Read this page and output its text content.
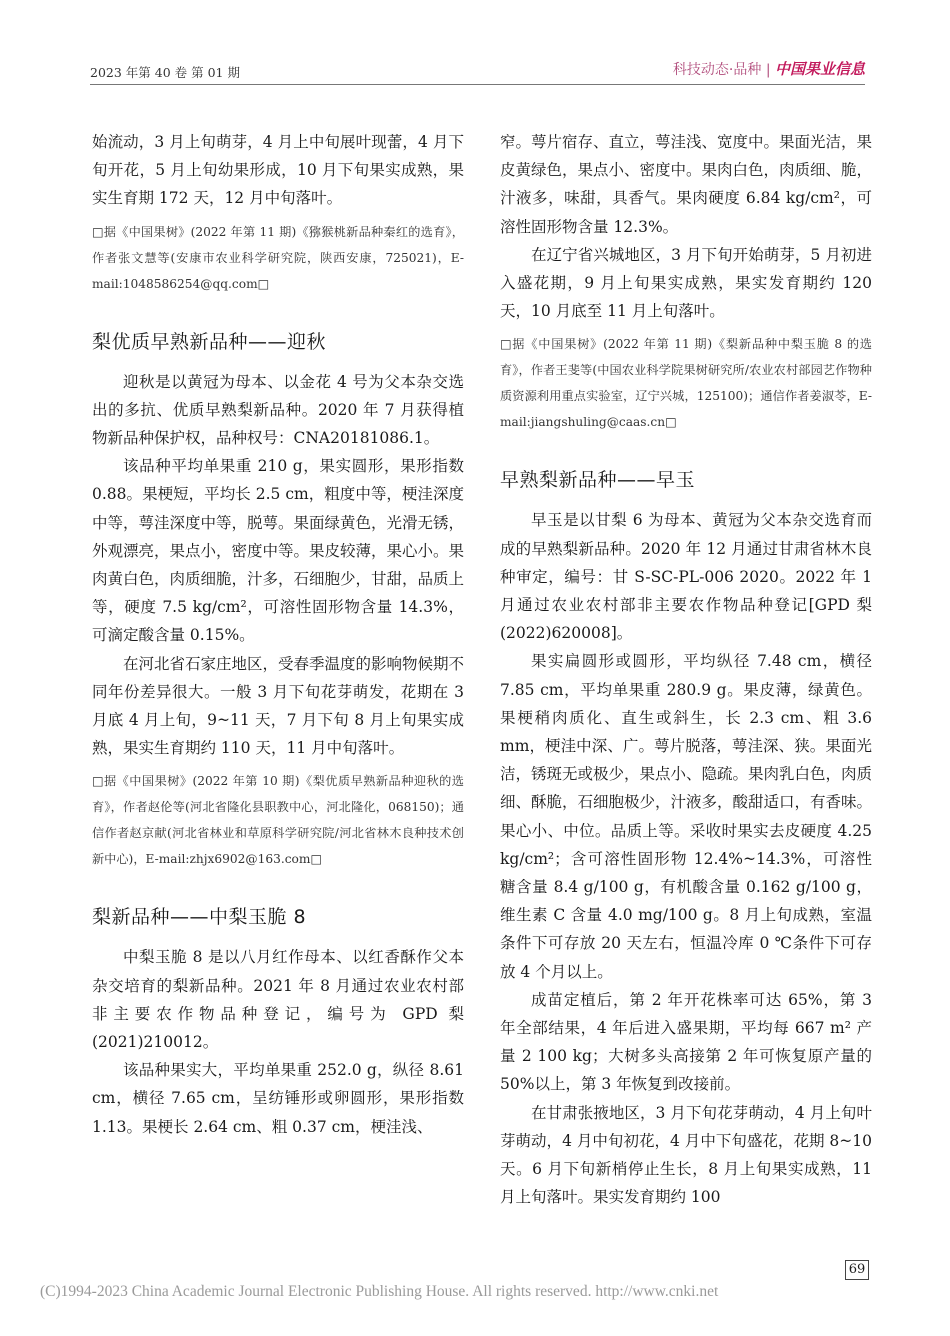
2023 年第 40 卷 第 01 期	科技动态·品种 | 中国果业信息

始流动，3 月上旬萌芽，4 月上中旬展叶现蕾，4 月下旬开花，5 月上旬幼果形成，10 月下旬果实成熟，果实生育期 172 天，12 月中旬落叶。

□据《中国果树》(2022 年第 11 期)《猕猴桃新品种秦红的选育》，作者张文慧等(安康市农业科学研究院，陕西安康，725021)，E-mail:1048586254@qq.com□

梨优质早熟新品种——迎秋

迎秋是以黄冠为母本、以金花 4 号为父本杂交选出的多抗、优质早熟梨新品种。2020 年 7 月获得植物新品种保护权，品种权号：CNA20181086.1。

该品种平均单果重 210 g，果实圆形，果形指数 0.88。果梗短，平均长 2.5 cm，粗度中等，梗洼深度中等，萼洼深度中等，脱萼。果面绿黄色，光滑无锈，外观漂亮，果点小，密度中等。果皮较薄，果心小。果肉黄白色，肉质细脆，汁多，石细胞少，甘甜，品质上等，硬度 7.5 kg/cm²，可溶性固形物含量 14.3%，可滴定酸含量 0.15%。

在河北省石家庄地区，受春季温度的影响物候期不同年份差异很大。一般 3 月下旬花芽萌发，花期在 3 月底 4 月上旬，9~11 天，7 月下旬 8 月上旬果实成熟，果实生育期约 110 天，11 月中旬落叶。

□据《中国果树》(2022 年第 10 期)《梨优质早熟新品种迎秋的选育》，作者赵伦等(河北省隆化县职教中心，河北隆化，068150)；通信作者赵京献(河北省林业和草原科学研究院/河北省林木良种技术创新中心)，E-mail:zhjx6902@163.com□

梨新品种——中梨玉脆 8

中梨玉脆 8 是以八月红作母本、以红香酥作父本杂交培育的梨新品种。2021 年 8 月通过农业农村部非主要农作物品种登记，编号为 GPD 梨(2021)210012。

该品种果实大，平均单果重 252.0 g，纵径 8.61 cm，横径 7.65 cm，呈纺锤形或卵圆形，果形指数 1.13。果梗长 2.64 cm、粗 0.37 cm，梗洼浅、

窄。萼片宿存、直立，萼洼浅、宽度中。果面光洁，果皮黄绿色，果点小、密度中。果肉白色，肉质细、脆，汁液多，味甜，具香气。果肉硬度 6.84 kg/cm²，可溶性固形物含量 12.3%。

在辽宁省兴城地区，3 月下旬开始萌芽，5 月初进入盛花期，9 月上旬果实成熟，果实发育期约 120 天，10 月底至 11 月上旬落叶。

□据《中国果树》(2022 年第 11 期)《梨新品种中梨玉脆 8 的选育》，作者王斐等(中国农业科学院果树研究所/农业农村部园艺作物种质资源利用重点实验室，辽宁兴城，125100)；通信作者姜淑苓，E-mail:jiangshuling@caas.cn□

早熟梨新品种——早玉

早玉是以甘梨 6 为母本、黄冠为父本杂交选育而成的早熟梨新品种。2020 年 12 月通过甘肃省林木良种审定，编号：甘 S-SC-PL-006 2020。2022 年 1 月通过农业农村部非主要农作物品种登记[GPD 梨(2022)620008]。

果实扁圆形或圆形，平均纵径 7.48 cm，横径 7.85 cm，平均单果重 280.9 g。果皮薄，绿黄色。果梗稍肉质化、直生或斜生，长 2.3 cm、粗 3.6 mm，梗洼中深、广。萼片脱落，萼洼深、狭。果面光洁，锈斑无或极少，果点小、隐疏。果肉乳白色，肉质细、酥脆，石细胞极少，汁液多，酸甜适口，有香味。果心小、中位。品质上等。采收时果实去皮硬度 4.25 kg/cm²；含可溶性固形物 12.4%~14.3%，可溶性糖含量 8.4 g/100 g，有机酸含量 0.162 g/100 g，维生素 C 含量 4.0 mg/100 g。8 月上旬成熟，室温条件下可存放 20 天左右，恒温冷库 0 ℃条件下可存放 4 个月以上。

成苗定植后，第 2 年开花株率可达 65%，第 3 年全部结果，4 年后进入盛果期，平均每 667 m² 产量 2 100 kg；大树多头高接第 2 年可恢复原产量的 50%以上，第 3 年恢复到改接前。

在甘肃张掖地区，3 月下旬花芽萌动，4 月上旬叶芽萌动，4 月中旬初花，4 月中下旬盛花，花期 8~10 天。6 月下旬新梢停止生长，8 月上旬果实成熟，11 月上旬落叶。果实发育期约 100

69
(C)1994-2023 China Academic Journal Electronic Publishing House. All rights reserved. http://www.cnki.net
